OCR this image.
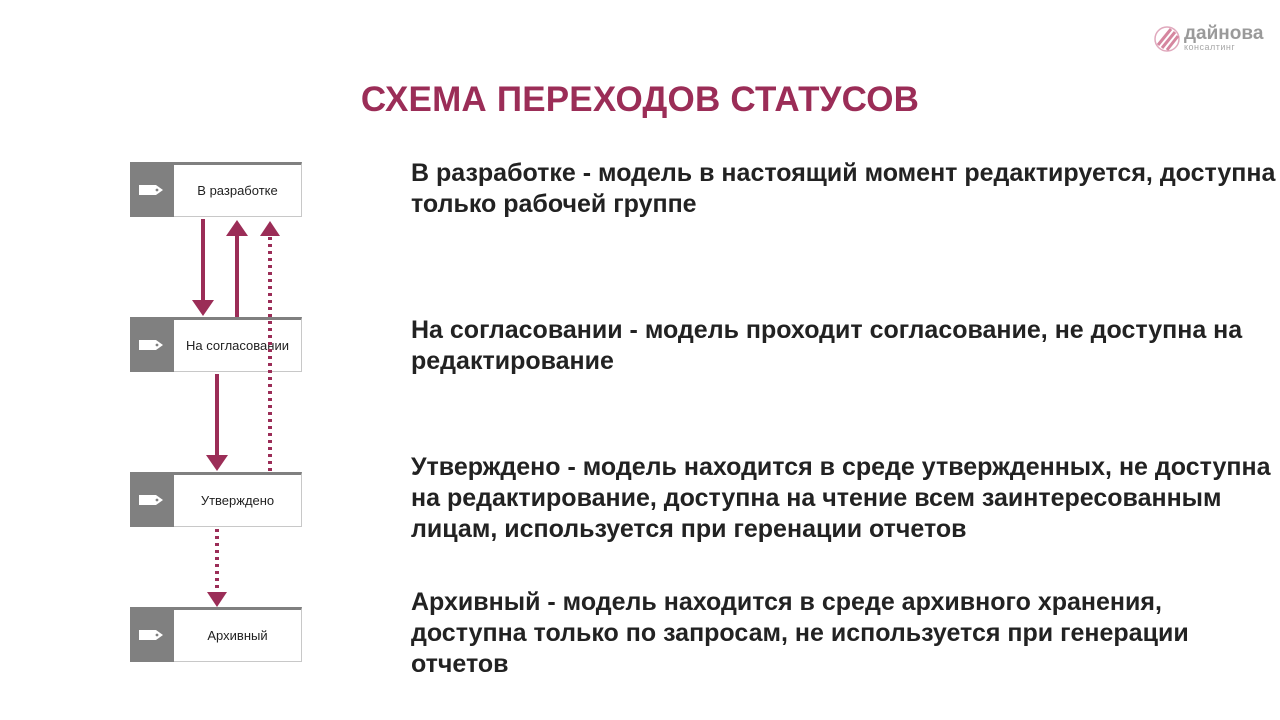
дайнова
консалтинг
СХЕМА ПЕРЕХОДОВ СТАТУСОВ
В разработке
На согласовании
Утверждено
Архивный
В разработке - модель в настоящий момент редактируется, доступна только рабочей группе
На согласовании - модель проходит согласование, не доступна на редактирование
Утверждено - модель находится в среде утвержденных, не доступна на редактирование, доступна на чтение всем заинтересованным лицам, используется при геренации отчетов
Архивный - модель находится в среде архивного хранения, доступна только по запросам, не используется при генерации отчетов
